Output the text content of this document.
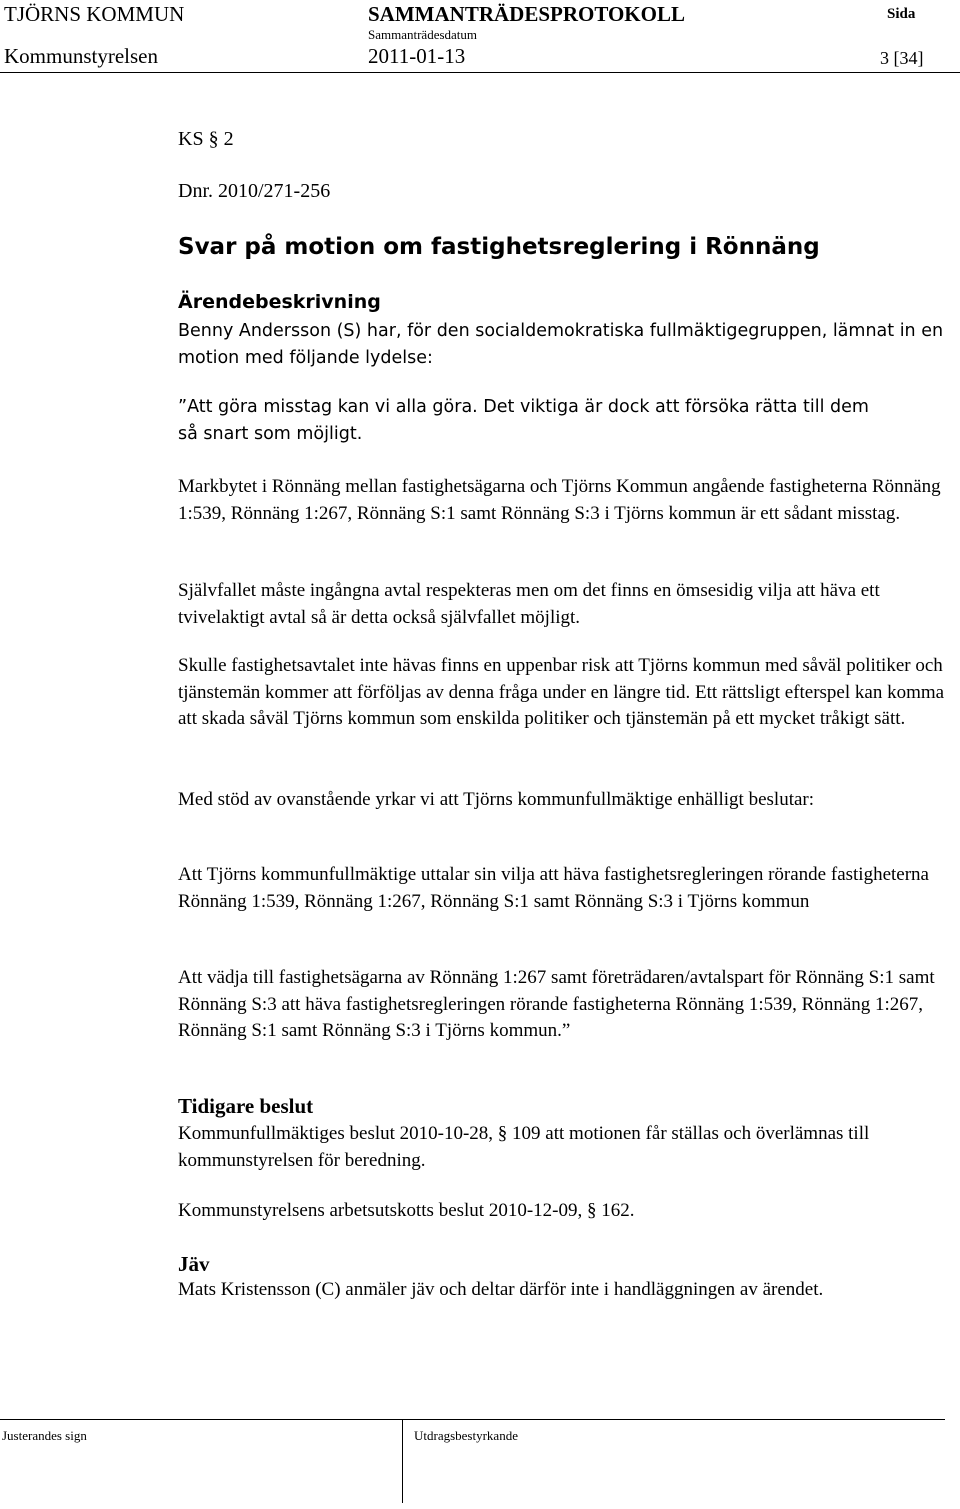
TJÖRNS KOMMUN	SAMMANTRÄDESPROTOKOLL	Sida
Sammanträdesdatum
Kommunstyrelsen	2011-01-13	3 [34]
KS § 2
Dnr. 2010/271-256
Svar på motion om fastighetsreglering i Rönnäng
Ärendebeskrivning
Benny Andersson (S) har, för den socialdemokratiska fullmäktigegruppen, lämnat in en motion med följande lydelse:
”Att göra misstag kan vi alla göra. Det viktiga är dock att försöka rätta till dem
så snart som möjligt.
Markbytet i Rönnäng mellan fastighetsägarna och Tjörns Kommun angående fastigheterna Rönnäng 1:539, Rönnäng 1:267, Rönnäng S:1 samt Rönnäng S:3 i Tjörns kommun är ett sådant misstag.
Självfallet måste ingångna avtal respekteras men om det finns en ömsesidig vilja att häva ett tvivelaktigt avtal så är detta också självfallet möjligt.
Skulle fastighetsavtalet inte hävas finns en uppenbar risk att Tjörns kommun med såväl politiker och tjänstemän kommer att förföljas av denna fråga under en längre tid. Ett rättsligt efterspel kan komma att skada såväl Tjörns kommun som enskilda politiker och tjänstemän på ett mycket tråkigt sätt.
Med stöd av ovanstående yrkar vi att Tjörns kommunfullmäktige enhälligt beslutar:
Att Tjörns kommunfullmäktige uttalar sin vilja att häva fastighetsregleringen rörande fastigheterna Rönnäng 1:539, Rönnäng 1:267, Rönnäng S:1 samt Rönnäng S:3 i Tjörns kommun
Att vädja till fastighetsägarna av Rönnäng 1:267 samt företrädaren/avtalspart för Rönnäng S:1 samt Rönnäng S:3 att häva fastighetsregleringen rörande fastigheterna Rönnäng 1:539, Rönnäng 1:267, Rönnäng S:1 samt Rönnäng S:3 i Tjörns kommun.”
Tidigare beslut
Kommunfullmäktiges beslut 2010-10-28, § 109 att motionen får ställas och överlämnas till kommunstyrelsen för beredning.
Kommunstyrelsens arbetsutskotts beslut 2010-12-09, § 162.
Jäv
Mats Kristensson (C) anmäler jäv och deltar därför inte i handläggningen av ärendet.
Justerandes sign	Utdragsbestyrkande
